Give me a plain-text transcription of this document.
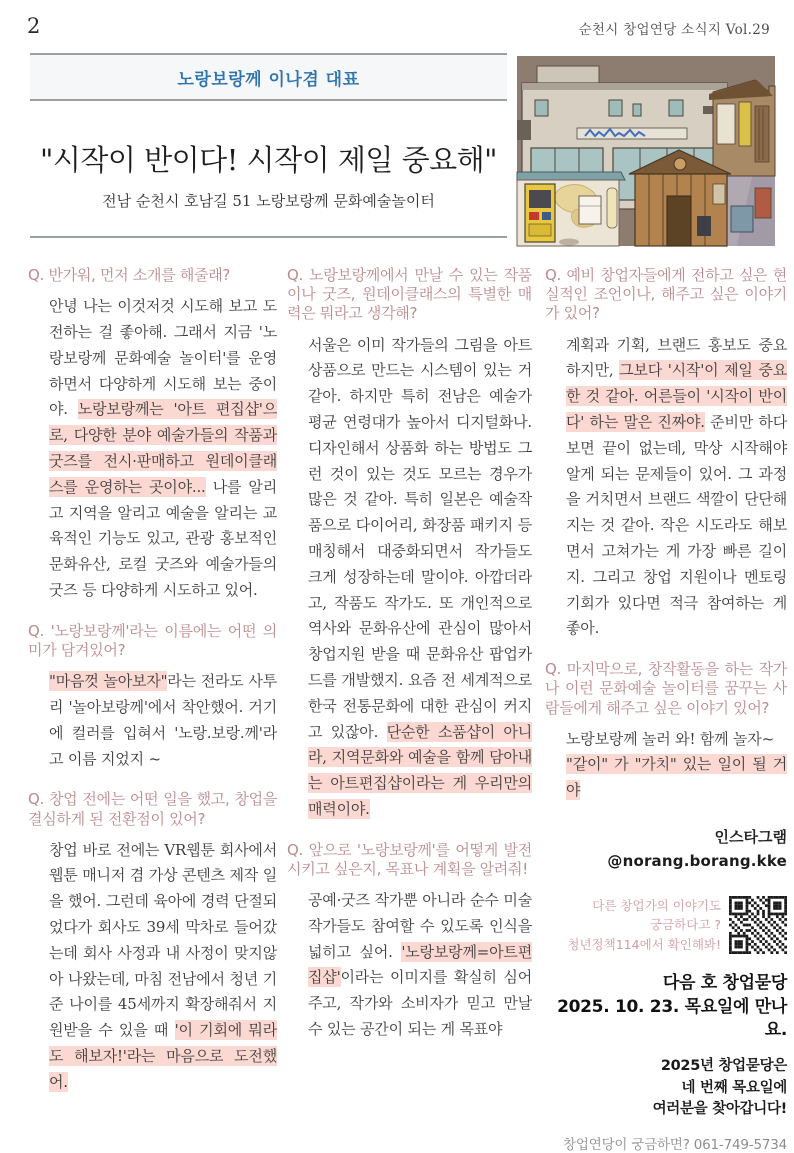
2	순천시 창업연당 소식지 Vol.29
노랑보랑께 이나겸 대표
"시작이 반이다! 시작이 제일 중요해"
전남 순천시 호남길 51 노랑보랑께 문화예술놀이터
Q. 반가워, 먼저 소개를 해줄래?

안녕 나는 이것저것 시도해 보고 도전하는 걸 좋아해. 그래서 지금 '노랑보랑께 문화예술 놀이터'를 운영하면서 다양하게 시도해 보는 중이야. 노랑보랑께는 '아트 편집샵'으로, 다양한 분야 예술가들의 작품과 굿즈를 전시·판매하고 원데이클래스를 운영하는 곳이야... 나를 알리고 지역을 알리고 예술을 알리는 교육적인 기능도 있고, 관광 홍보적인 문화유산, 로컬 굿즈와 예술가들의 굿즈 등 다양하게 시도하고 있어.

Q. '노랑보랑께'라는 이름에는 어떤 의미가 담겨있어?

"마음껏 놀아보자"라는 전라도 사투리 '놀아보랑께'에서 착안했어. 거기에 컬러를 입혀서 '노랑.보랑.께'라고 이름 지었지 ~

Q. 창업 전에는 어떤 일을 했고, 창업을 결심하게 된 전환점이 있어?

창업 바로 전에는 VR웹툰 회사에서 웹툰 매니저 겸 가상 콘텐츠 제작 일을 했어. 그런데 육아에 경력 단절되었다가 회사도 39세 막차로 들어갔는데 회사 사정과 내 사정이 맞지않아 나왔는데, 마침 전남에서 청년 기준 나이를 45세까지 확장해줘서 지원받을 수 있을 때 '이 기회에 뭐라도 해보자!'라는 마음으로 도전했어.

Q. 노랑보랑께에서 만날 수 있는 작품이나 굿즈, 원데이클래스의 특별한 매력은 뭐라고 생각해?

서울은 이미 작가들의 그림을 아트상품으로 만드는 시스템이 있는 거 같아. 하지만 특히 전남은 예술가 평균 연령대가 높아서 디지털화나. 디자인해서 상품화 하는 방법도 그런 것이 있는 것도 모르는 경우가 많은 것 같아. 특히 일본은 예술작품으로 다이어리, 화장품 패키지 등 매칭해서 대중화되면서 작가들도 크게 성장하는데 말이야. 아깝더라고, 작품도 작가도. 또 개인적으로 역사와 문화유산에 관심이 많아서 창업지원 받을 때 문화유산 팝업카드를 개발했지. 요즘 전 세계적으로 한국 전통문화에 대한 관심이 커지고 있잖아. 단순한 소품샵이 아니라, 지역문화와 예술을 함께 담아내는 아트편집샵이라는 게 우리만의 매력이야.

Q. 앞으로 '노랑보랑께'를 어떻게 발전시키고 싶은지, 목표나 계획을 알려줘!

공예·굿즈 작가뿐 아니라 순수 미술 작가들도 참여할 수 있도록 인식을 넓히고 싶어. '노랑보랑께=아트편집샵'이라는 이미지를 확실히 심어주고, 작가와 소비자가 믿고 만날 수 있는 공간이 되는 게 목표야

Q. 예비 창업자들에게 전하고 싶은 현실적인 조언이나, 해주고 싶은 이야기가 있어?

계획과 기획, 브랜드 홍보도 중요하지만, 그보다 '시작'이 제일 중요한 것 같아. 어른들이 '시작이 반이다' 하는 말은 진짜야. 준비만 하다 보면 끝이 없는데, 막상 시작해야 알게 되는 문제들이 있어. 그 과정을 거치면서 브랜드 색깔이 단단해지는 것 같아. 작은 시도라도 해보면서 고쳐가는 게 가장 빠른 길이지. 그리고 창업 지원이나 멘토링 기회가 있다면 적극 참여하는 게 좋아.

Q. 마지막으로, 창작활동을 하는 작가나 이런 문화예술 놀이터를 꿈꾸는 사람들에게 해주고 싶은 이야기 있어?

노랑보랑께 놀러 와! 함께 놀자~
"같이" 가 "가치" 있는 일이 될 거야

인스타그램
@norang.borang.kke
다른 창업가의 이야기도
궁금하다고 ?
청년정책114에서 확인해봐!
다음 호 창업묻당
2025. 10. 23. 목요일에 만나요.
2025년 창업묻당은
네 번째 목요일에
여러분을 찾아갑니다!
창업연당이 궁금하면? 061-749-5734
